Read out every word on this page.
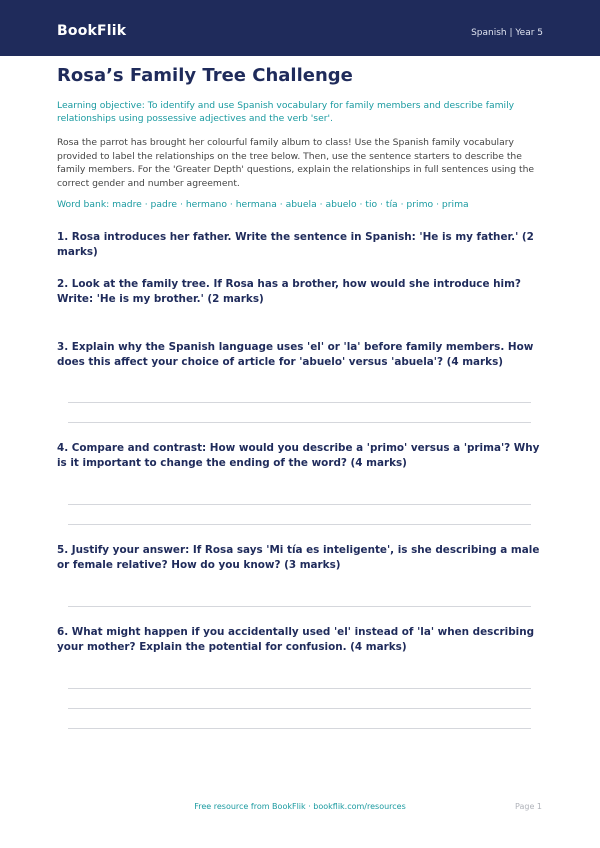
BookFlik	Spanish | Year 5
Rosa’s Family Tree Challenge
Learning objective: To identify and use Spanish vocabulary for family members and describe family relationships using possessive adjectives and the verb 'ser'.
Rosa the parrot has brought her colourful family album to class! Use the Spanish family vocabulary provided to label the relationships on the tree below. Then, use the sentence starters to describe the family members. For the 'Greater Depth' questions, explain the relationships in full sentences using the correct gender and number agreement.
Word bank: madre · padre · hermano · hermana · abuela · abuelo · tio · tía · primo · prima
1. Rosa introduces her father. Write the sentence in Spanish: 'He is my father.' (2 marks)
2. Look at the family tree. If Rosa has a brother, how would she introduce him? Write: 'He is my brother.' (2 marks)
3. Explain why the Spanish language uses 'el' or 'la' before family members. How does this affect your choice of article for 'abuelo' versus 'abuela'? (4 marks)
4. Compare and contrast: How would you describe a 'primo' versus a 'prima'? Why is it important to change the ending of the word? (4 marks)
5. Justify your answer: If Rosa says 'Mi tía es inteligente', is she describing a male or female relative? How do you know? (3 marks)
6. What might happen if you accidentally used 'el' instead of 'la' when describing your mother? Explain the potential for confusion. (4 marks)
Free resource from BookFlik · bookflik.com/resources	Page 1
